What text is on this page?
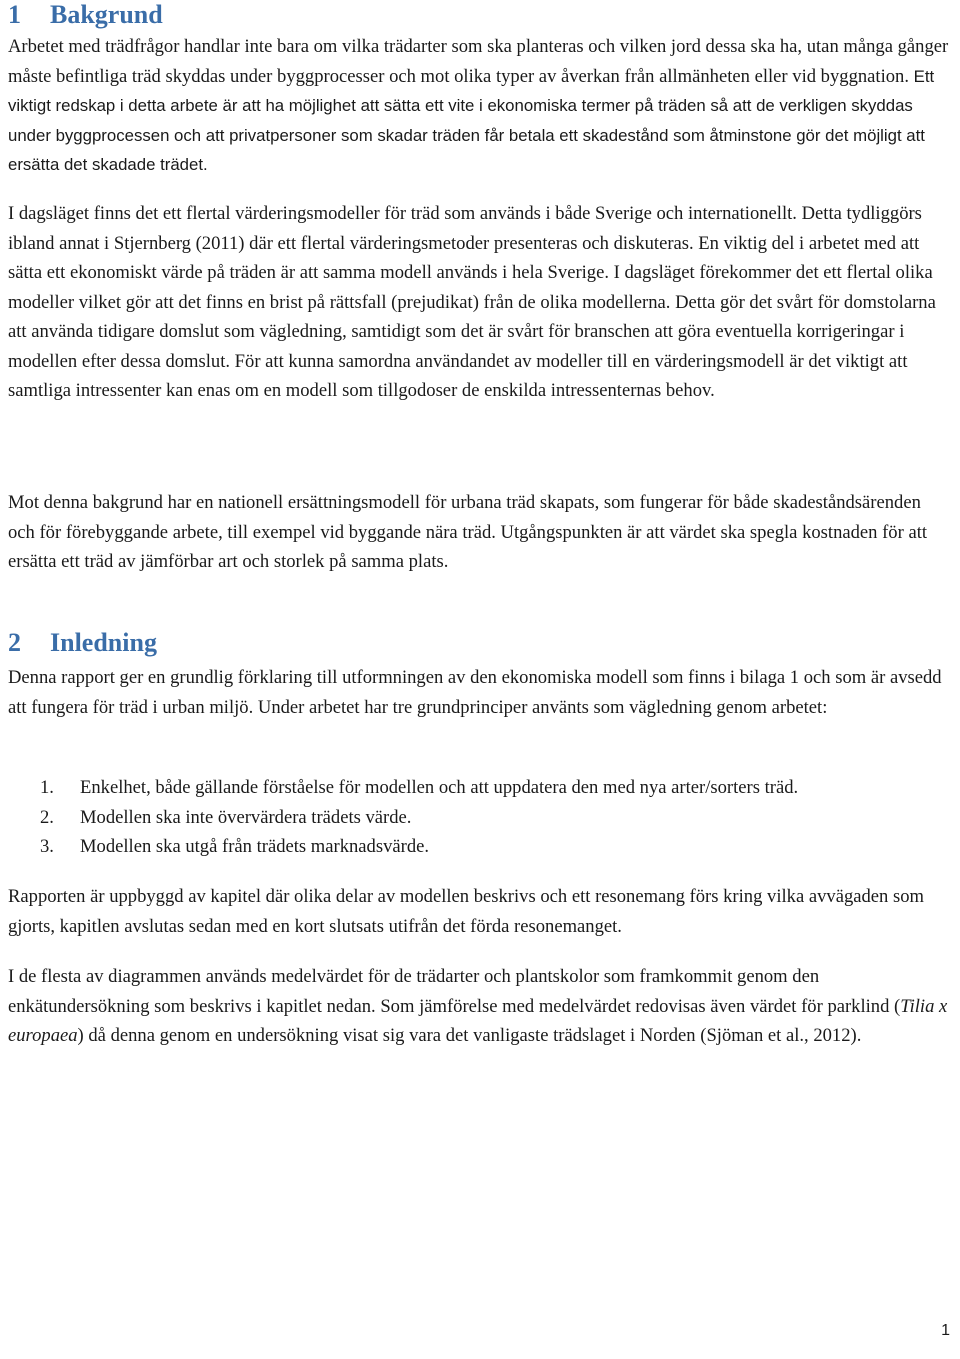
1 Bakgrund

Arbetet med trädfrågor handlar inte bara om vilka trädarter som ska planteras och vilken jord dessa ska ha, utan många gånger måste befintliga träd skyddas under byggprocesser och mot olika typer av åverkan från allmänheten eller vid byggnation. Ett viktigt redskap i detta arbete är att ha möjlighet att sätta ett vite i ekonomiska termer på träden så att de verkligen skyddas under byggprocessen och att privatpersoner som skadar träden får betala ett skadestånd som åtminstone gör det möjligt att ersätta det skadade trädet.

I dagsläget finns det ett flertal värderingsmodeller för träd som används i både Sverige och internationellt. Detta tydliggörs ibland annat i Stjernberg (2011) där ett flertal värderingsmetoder presenteras och diskuteras. En viktig del i arbetet med att sätta ett ekonomiskt värde på träden är att samma modell används i hela Sverige. I dagsläget förekommer det ett flertal olika modeller vilket gör att det finns en brist på rättsfall (prejudikat) från de olika modellerna. Detta gör det svårt för domstolarna att använda tidigare domslut som vägledning, samtidigt som det är svårt för branschen att göra eventuella korrigeringar i modellen efter dessa domslut. För att kunna samordna användandet av modeller till en värderingsmodell är det viktigt att samtliga intressenter kan enas om en modell som tillgodoser de enskilda intressenternas behov.

Mot denna bakgrund har en nationell ersättningsmodell för urbana träd skapats, som fungerar för både skadeståndsärenden och för förebyggande arbete, till exempel vid byggande nära träd. Utgångspunkten är att värdet ska spegla kostnaden för att ersätta ett träd av jämförbar art och storlek på samma plats.

2 Inledning

Denna rapport ger en grundlig förklaring till utformningen av den ekonomiska modell som finns i bilaga 1 och som är avsedd att fungera för träd i urban miljö. Under arbetet har tre grundprinciper använts som vägledning genom arbetet:

1. Enkelhet, både gällande förståelse för modellen och att uppdatera den med nya arter/sorters träd.
2. Modellen ska inte övervärdera trädets värde.
3. Modellen ska utgå från trädets marknadsvärde.

Rapporten är uppbyggd av kapitel där olika delar av modellen beskrivs och ett resonemang förs kring vilka avvägaden som gjorts, kapitlen avslutas sedan med en kort slutsats utifrån det förda resonemanget.

I de flesta av diagrammen används medelvärdet för de trädarter och plantskolor som framkommit genom den enkätundersökning som beskrivs i kapitlet nedan. Som jämförelse med medelvärdet redovisas även värdet för parklind (Tilia x europaea) då denna genom en undersökning visat sig vara det vanligaste trädslaget i Norden (Sjöman et al., 2012).

1
